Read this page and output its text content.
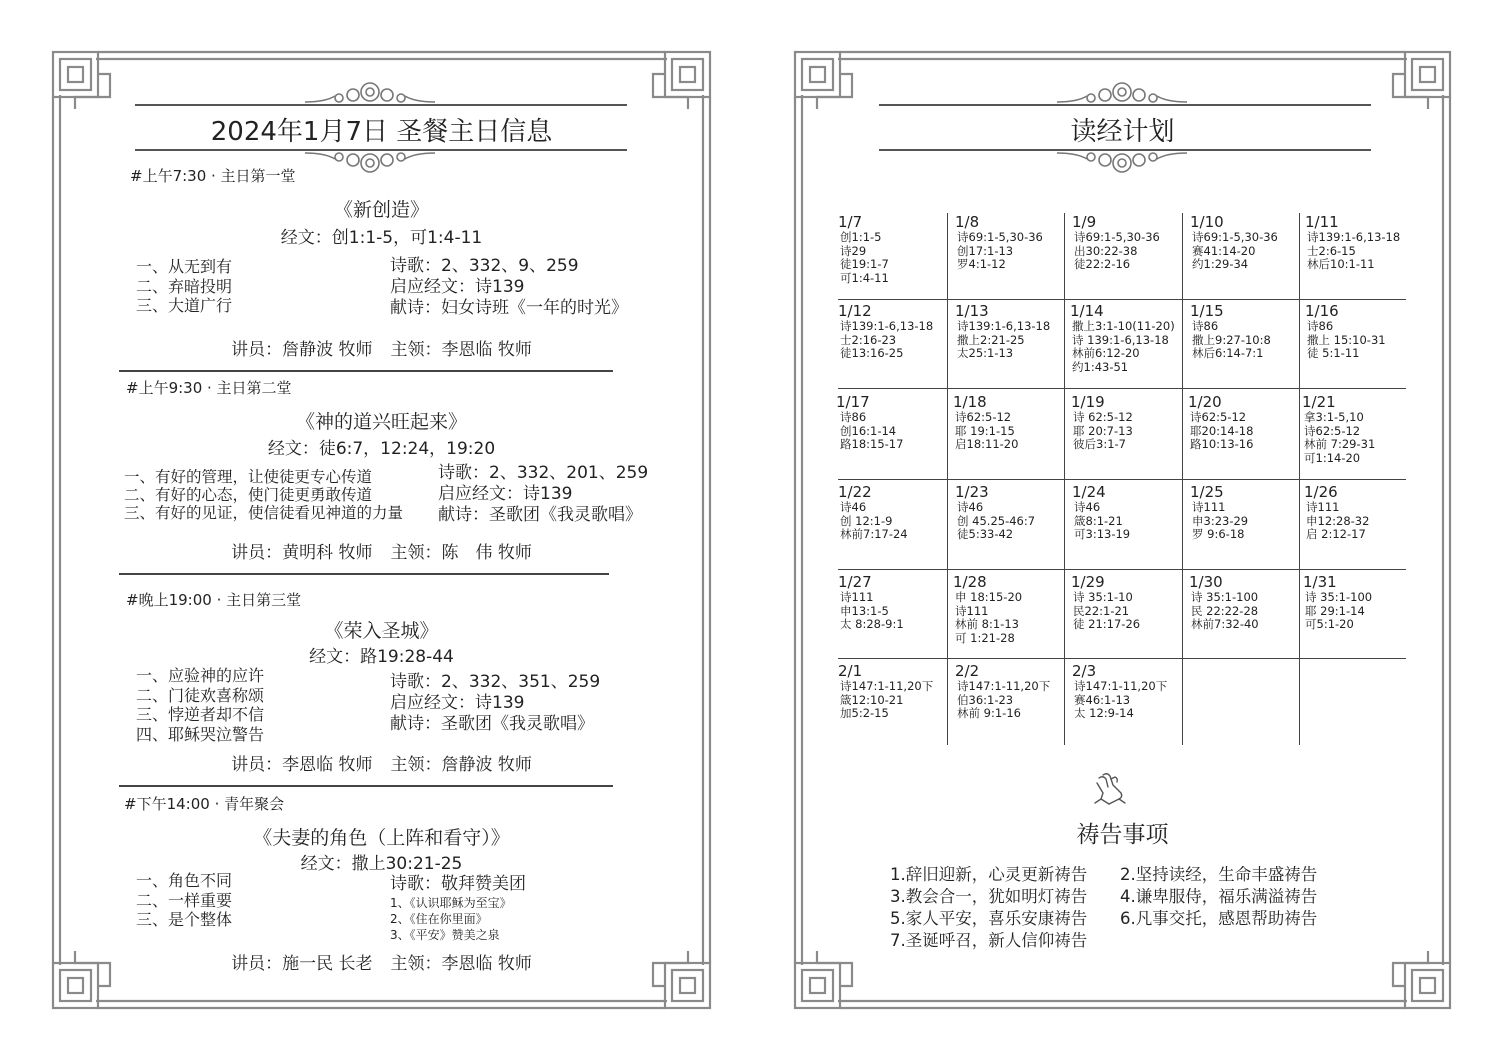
2024年1月7日 圣餐主日信息
#上午7:30 · 主日第一堂
《新创造》
经文：创1:1-5，可1:4-11
一、从无到有
二、弃暗投明
三、大道广行
诗歌：2、332、9、259
启应经文：诗139
献诗：妇女诗班《一年的时光》
讲员：詹静波 牧师 主领：李恩临 牧师
#上午9:30 · 主日第二堂
《神的道兴旺起来》
经文：徒6:7，12:24，19:20
一、有好的管理，让使徒更专心传道
二、有好的心态，使门徒更勇敢传道
三、有好的见证，使信徒看见神道的力量
诗歌：2、332、201、259
启应经文：诗139
献诗：圣歌团《我灵歌唱》
讲员：黄明科 牧师 主领：陈　伟 牧师
#晚上19:00 · 主日第三堂
《荣入圣城》
经文：路19:28-44
一、应验神的应许
二、门徒欢喜称颂
三、悖逆者却不信
四、耶稣哭泣警告
诗歌：2、332、351、259
启应经文：诗139
献诗：圣歌团《我灵歌唱》
讲员：李恩临 牧师 主领：詹静波 牧师
#下午14:00 · 青年聚会
《夫妻的角色（上阵和看守）》
经文：撒上30:21-25
一、角色不同
二、一样重要
三、是个整体
诗歌：敬拜赞美团
1、《认识耶稣为至宝》
2、《住在你里面》
3、《平安》赞美之泉
讲员：施一民 长老 主领：李恩临 牧师
读经计划
1/7
创1:1-5
诗29
徒19:1-7
可1:4-11
1/8
诗69:1-5,30-36
创17:1-13
罗4:1-12
1/9
诗69:1-5,30-36
出30:22-38
徒22:2-16
1/10
诗69:1-5,30-36
赛41:14-20
约1:29-34
1/11
诗139:1-6,13-18
士2:6-15
林后10:1-11
1/12
诗139:1-6,13-18
士2:16-23
徒13:16-25
1/13
诗139:1-6,13-18
撒上2:21-25
太25:1-13
1/14
撒上3:1-10(11-20)
诗 139:1-6,13-18
林前6:12-20
约1:43-51
1/15
诗86
撒上9:27-10:8
林后6:14-7:1
1/16
诗86
撒上 15:10-31
徒 5:1-11
1/17
诗86
创16:1-14
路18:15-17
1/18
诗62:5-12
耶 19:1-15
启18:11-20
1/19
诗 62:5-12
耶 20:7-13
彼后3:1-7
1/20
诗62:5-12
耶20:14-18
路10:13-16
1/21
拿3:1-5,10
诗62:5-12
林前 7:29-31
可1:14-20
1/22
诗46
创 12:1-9
林前7:17-24
1/23
诗46
创 45.25-46:7
徒5:33-42
1/24
诗46
箴8:1-21
可3:13-19
1/25
诗111
申3:23-29
罗 9:6-18
1/26
诗111
申12:28-32
启 2:12-17
1/27
诗111
申13:1-5
太 8:28-9:1
1/28
申 18:15-20
诗111
林前 8:1-13
可 1:21-28
1/29
诗 35:1-10
民22:1-21
徒 21:17-26
1/30
诗 35:1-100
民 22:22-28
林前7:32-40
1/31
诗 35:1-100
耶 29:1-14
可5:1-20
2/1
诗147:1-11,20下
箴12:10-21
加5:2-15
2/2
诗147:1-11,20下
伯36:1-23
林前 9:1-16
2/3
诗147:1-11,20下
赛46:1-13
太 12:9-14
祷告事项
1.辞旧迎新，心灵更新祷告 2.坚持读经，生命丰盛祷告
3.教会合一，犹如明灯祷告 4.谦卑服侍，福乐满溢祷告
5.家人平安，喜乐安康祷告 6.凡事交托，感恩帮助祷告
7.圣诞呼召，新人信仰祷告
